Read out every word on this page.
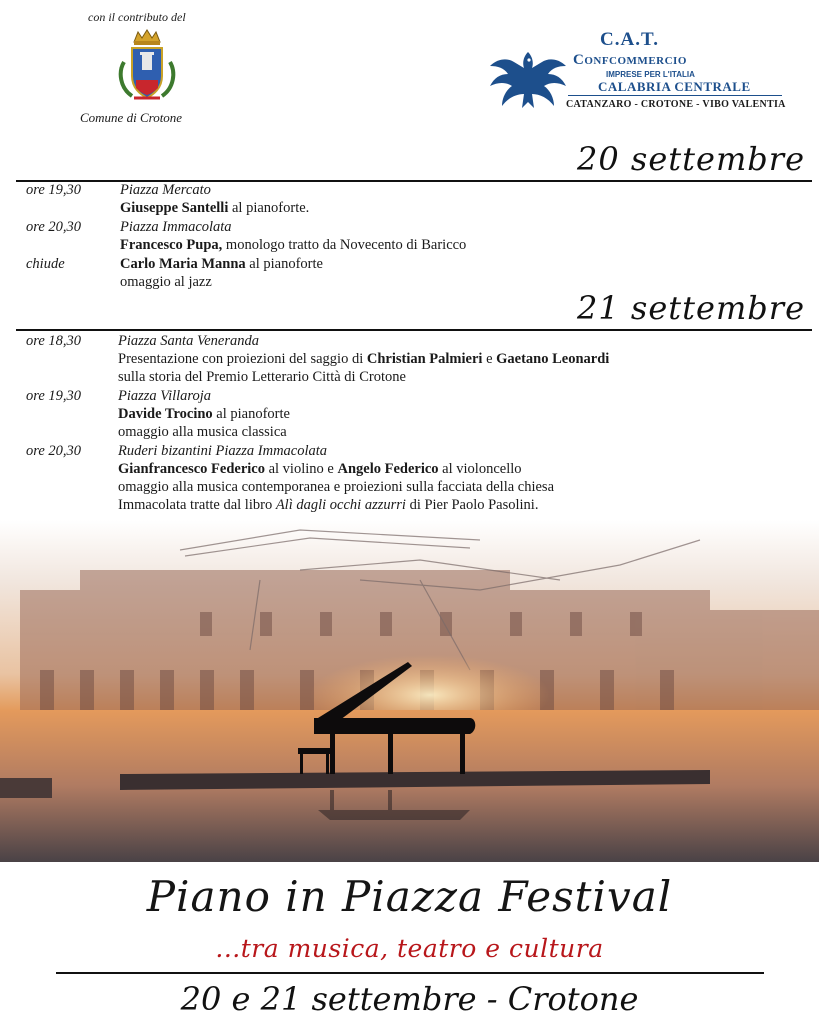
con il contributo del
Comune di Crotone
C.A.T.
Confcommercio
IMPRESE PER L'ITALIA
CALABRIA CENTRALE
CATANZARO - CROTONE - VIBO VALENTIA
20 settembre
ore 19,30	Piazza Mercato
Giuseppe Santelli al pianoforte.
ore 20,30	Piazza Immacolata
Francesco Pupa, monologo tratto da Novecento di Baricco
chiude	Carlo Maria Manna al pianoforte
omaggio al jazz
21 settembre
ore 18,30	Piazza Santa Veneranda
Presentazione con proiezioni del saggio di Christian Palmieri e Gaetano Leonardi
sulla storia del Premio Letterario Città di Crotone
ore 19,30	Piazza Villaroja
Davide Trocino al pianoforte
omaggio alla musica classica
ore 20,30	Ruderi bizantini Piazza Immacolata
Gianfrancesco Federico al violino e Angelo Federico al violoncello
omaggio alla musica contemporanea e proiezioni sulla facciata della chiesa
Immacolata tratte dal libro Alì dagli occhi azzurri di Pier Paolo Pasolini.
Piano in Piazza Festival
...tra musica, teatro e cultura
20 e 21 settembre - Crotone
